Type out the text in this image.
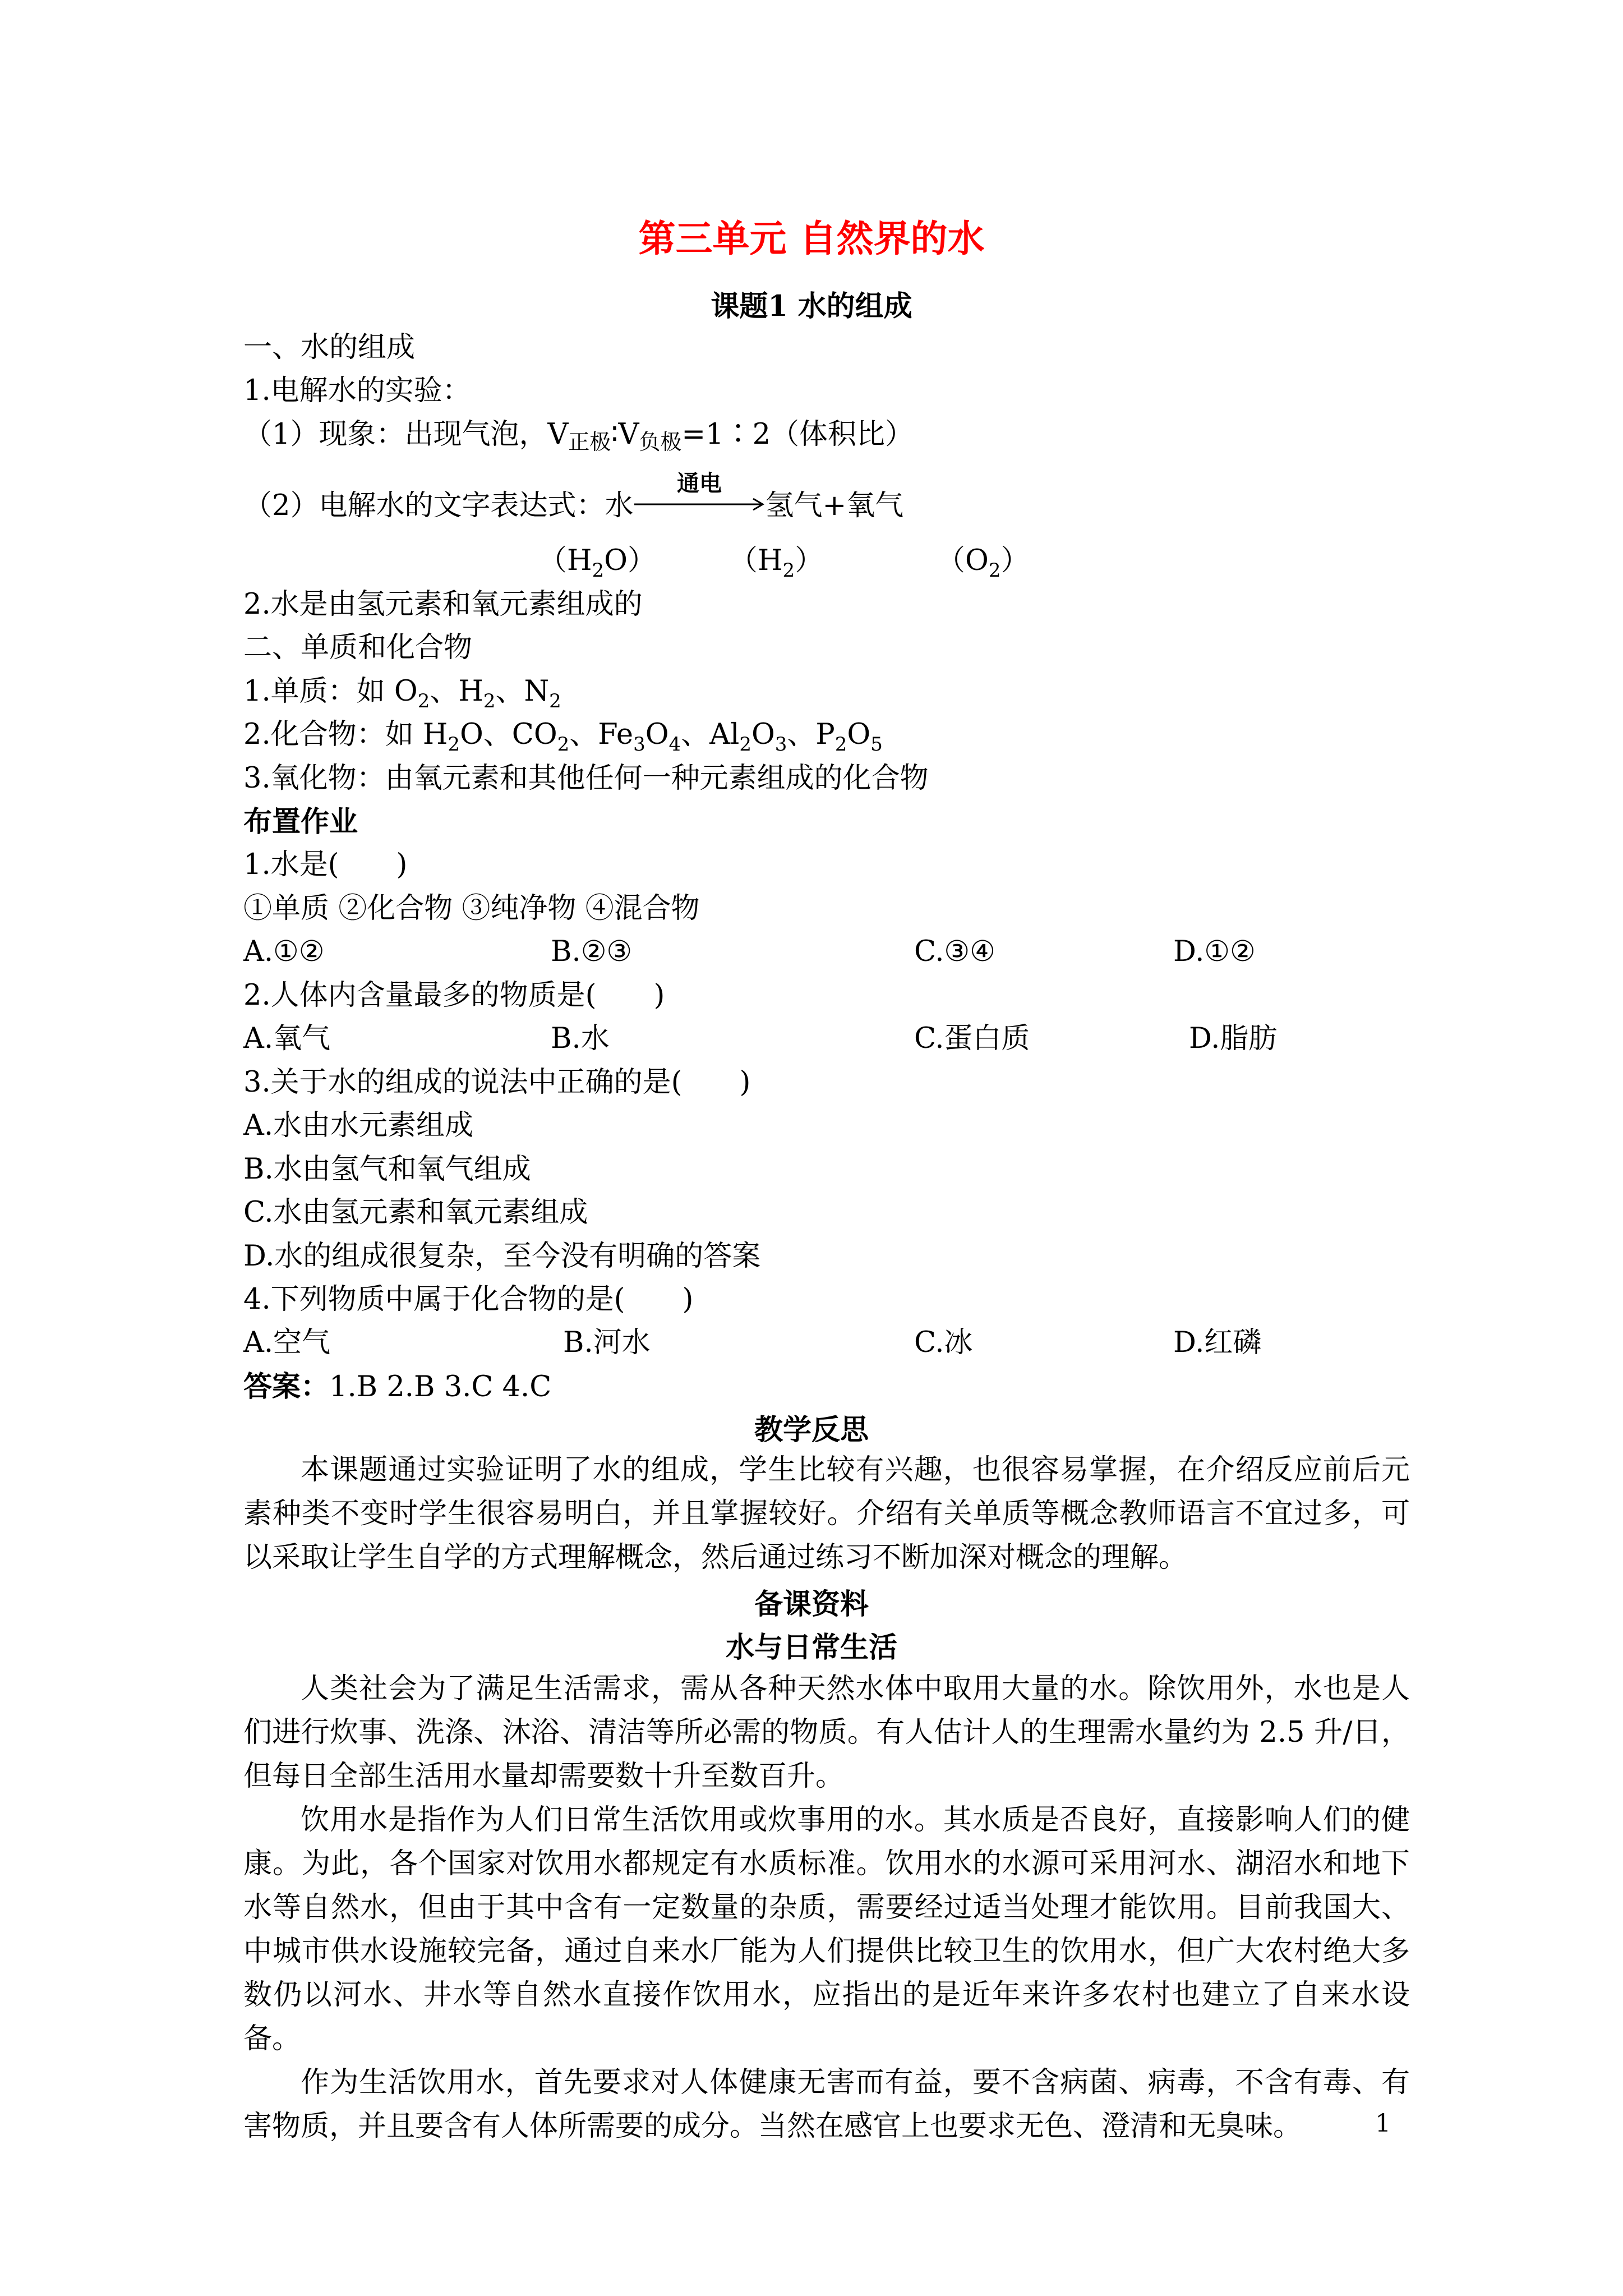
第三单元 自然界的水
课题1 水的组成
一、水的组成
1.电解水的实验：
（1）现象：出现气泡，V正极∶V负极=1∶2（体积比）
（2）电解水的文字表达式：水
通电
氢气+氧气
$(H_2O)$	$(H_2)$	$(O_2)$
2.水是由氢元素和氧元素组成的
二、单质和化合物
1.单质：如 $O_2$、$H_2$、$N_2$
2.化合物：如 $H_2O$、$CO_2$、$Fe_3O_4$、$Al_2O_3$、$P_2O_5$
3.氧化物：由氧元素和其他任何一种元素组成的化合物
布置作业
1.水是(　　)
①单质 ②化合物 ③纯净物 ④混合物
A.①②	B.②③	C.③④	D.①②
2.人体内含量最多的物质是(　　)
A.氧气	B.水	C.蛋白质	D.脂肪
3.关于水的组成的说法中正确的是(　　)
A.水由水元素组成
B.水由氢气和氧气组成
C.水由氢元素和氧元素组成
D.水的组成很复杂，至今没有明确的答案
4.下列物质中属于化合物的是(　　)
A.空气	B.河水	C.冰	D.红磷
答案：1.B 2.B 3.C 4.C
教学反思

本课题通过实验证明了水的组成，学生比较有兴趣，也很容易掌握，在介绍反应前后元素种类不变时学生很容易明白，并且掌握较好。介绍有关单质等概念教师语言不宜过多，可以采取让学生自学的方式理解概念，然后通过练习不断加深对概念的理解。

备课资料
水与日常生活

人类社会为了满足生活需求，需从各种天然水体中取用大量的水。除饮用外，水也是人们进行炊事、洗涤、沐浴、清洁等所必需的物质。有人估计人的生理需水量约为 2.5 升/日，但每日全部生活用水量却需要数十升至数百升。

饮用水是指作为人们日常生活饮用或炊事用的水。其水质是否良好，直接影响人们的健康。为此，各个国家对饮用水都规定有水质标准。饮用水的水源可采用河水、湖沼水和地下水等自然水，但由于其中含有一定数量的杂质，需要经过适当处理才能饮用。目前我国大、中城市供水设施较完备，通过自来水厂能为人们提供比较卫生的饮用水，但广大农村绝大多数仍以河水、井水等自然水直接作饮用水，应指出的是近年来许多农村也建立了自来水设备。

作为生活饮用水，首先要求对人体健康无害而有益，要不含病菌、病毒，不含有毒、有害物质，并且要含有人体所需要的成分。当然在感官上也要求无色、澄清和无臭味。	1
